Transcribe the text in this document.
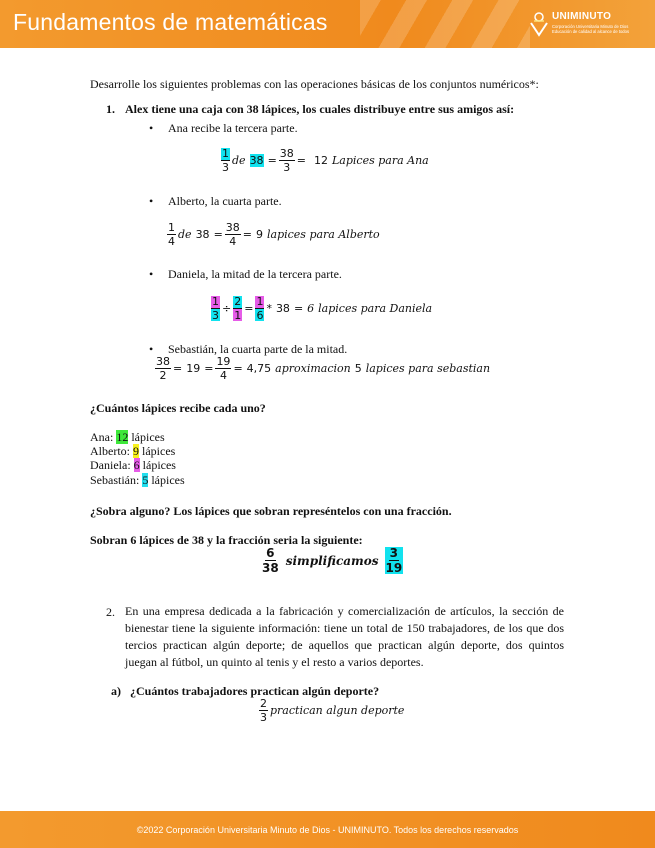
Fundamentos de matemáticas	UNIMINUTO
Corporación Universitaria Minuto de Dios Educación de calidad al alcance de todos
Desarrolle los siguientes problemas con las operaciones básicas de los conjuntos numéricos*:
1. Alex tiene una caja con 38 lápices, los cuales distribuye entre sus amigos así:
• Ana recibe la tercera parte.
$\frac{1}{3}$ de $38 = \frac{38}{3} = 12$ Lapices para Ana
• Alberto, la cuarta parte.
$\frac{1}{4}$ de $38 = \frac{38}{4} = 9$ lapices para Alberto
• Daniela, la mitad de la tercera parte.
$\frac{1}{3} \div \frac{2}{1} = \frac{1}{6} * 38 = 6$ lapices para Daniela
• Sebastián, la cuarta parte de la mitad.
$\frac{38}{2} = 19 = \frac{19}{4} = 4,75$ aproximacion 5 lapices para sebastian
¿Cuántos lápices recibe cada uno?
Ana: 12 lápices
Alberto: 9 lápices
Daniela: 6 lápices
Sebastián: 5 lápices
¿Sobra alguno? Los lápices que sobran represéntelos con una fracción.
Sobran 6 lápices de 38 y la fracción seria la siguiente:
$\frac{6}{38}$ simplificamos $\frac{3}{19}$
2. En una empresa dedicada a la fabricación y comercialización de artículos, la sección de bienestar tiene la siguiente información: tiene un total de 150 trabajadores, de los que dos tercios practican algún deporte; de aquellos que practican algún deporte, dos quintos juegan al fútbol, un quinto al tenis y el resto a varios deportes.
a) ¿Cuántos trabajadores practican algún deporte?
$\frac{2}{3}$ practican algun deporte
©2022 Corporación Universitaria Minuto de Dios - UNIMINUTO. Todos los derechos reservados
